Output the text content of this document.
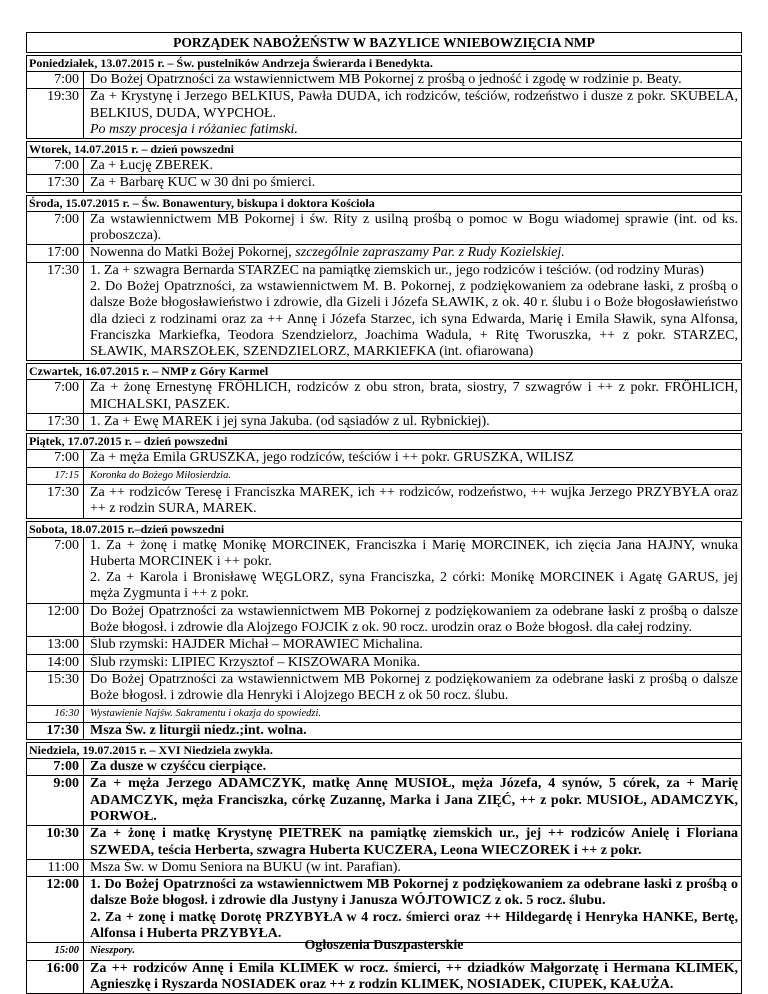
PORZĄDEK NABOŻEŃSTW W BAZYLICE WNIEBOWZIĘCIA NMP
Poniedziałek, 13.07.2015 r. – Św. pustelników Andrzeja Świerarda i Benedykta.
7:00 Do Bożej Opatrzności za wstawiennictwem MB Pokornej z prośbą o jedność i zgodę w rodzinie p. Beaty.

19:30 Za + Krystynę i Jerzego BELKIUS, Pawła DUDA, ich rodziców, teściów, rodzeństwo i dusze z pokr. SKUBELA, BELKIUS, DUDA, WYPCHOŁ.

Po mszy procesja i różaniec fatimski.

Wtorek, 14.07.2015 r. – dzień powszedni
7:00 Za + Łucję ZBEREK.

17:30 Za + Barbarę KUC w 30 dni po śmierci.

Środa, 15.07.2015 r. – Św. Bonawentury, biskupa i doktora Kościoła
7:00 Za wstawiennictwem MB Pokornej i św. Rity z usilną prośbą o pomoc w Bogu wiadomej sprawie (int. od ks. proboszcza).

17:00 Nowenna do Matki Bożej Pokornej, szczególnie zapraszamy Par. z Rudy Kozielskiej.

17:30 1. Za + szwagra Bernarda STARZEC na pamiątkę ziemskich ur., jego rodziców i teściów. (od rodziny Muras)

2. Do Bożej Opatrzności, za wstawiennictwem M. B. Pokornej, z podziękowaniem za odebrane łaski, z prośbą o dalsze Boże błogosławieństwo i zdrowie, dla Gizeli i Józefa SŁAWIK, z ok. 40 r. ślubu i o Boże błogosławieństwo dla dzieci z rodzinami oraz za ++ Annę i Józefa Starzec, ich syna Edwarda, Marię i Emila Sławik, syna Alfonsa, Franciszka Markiefka, Teodora Szendzielorz, Joachima Wadula, + Ritę Tworuszka, ++ z pokr. STARZEC, SŁAWIK, MARSZOŁEK, SZENDZIELORZ, MARKIEFKA (int. ofiarowana)

Czwartek, 16.07.2015 r. – NMP z Góry Karmel
7:00 Za + żonę Ernestynę FRÖHLICH, rodziców z obu stron, brata, siostry, 7 szwagrów i ++ z pokr. FRÖHLICH, MICHALSKI, PASZEK.

17:30 1. Za + Ewę MAREK i jej syna Jakuba. (od sąsiadów z ul. Rybnickiej).

Piątek, 17.07.2015 r. – dzień powszedni
7:00 Za + męża Emila GRUSZKA, jego rodziców, teściów i ++ pokr. GRUSZKA, WILISZ

17:15	Koronka do Bożego Miłosierdzia.

17:30 Za ++ rodziców Teresę i Franciszka MAREK, ich ++ rodziców, rodzeństwo, ++ wujka Jerzego PRZYBYŁA oraz ++ z rodzin SURA, MAREK.

Sobota, 18.07.2015 r.–dzień powszedni
7:00 1. Za + żonę i matkę Monikę MORCINEK, Franciszka i Marię MORCINEK, ich zięcia Jana HAJNY, wnuka Huberta MORCINEK i ++ pokr.

2. Za + Karola i Bronisławę WĘGLORZ, syna Franciszka, 2 córki: Monikę MORCINEK i Agatę GARUS, jej męża Zygmunta i ++ z pokr.

12:00 Do Bożej Opatrzności za wstawiennictwem MB Pokornej z podziękowaniem za odebrane łaski z prośbą o dalsze Boże błogosł. i zdrowie dla Alojzego FOJCIK z ok. 90 rocz. urodzin oraz o Boże błogosł. dla całej rodziny.

13:00 Ślub rzymski: HAJDER Michał – MORAWIEC Michalina.

14:00 Ślub rzymski: LIPIEC Krzysztof – KISZOWARA Monika.

15:30 Do Bożej Opatrzności za wstawiennictwem MB Pokornej z podziękowaniem za odebrane łaski z prośbą o dalsze Boże błogosł. i zdrowie dla Henryki i Alojzego BECH z ok 50 rocz. ślubu.

16:30	Wystawienie Najśw. Sakramentu i okazja do spowiedzi.

17:30 Msza Św. z liturgii niedz.;int. wolna.

Niedziela, 19.07.2015 r. – XVI Niedziela zwykła.
7:00 Za dusze w czyśćcu cierpiące.

9:00 Za + męża Jerzego ADAMCZYK, matkę Annę MUSIOŁ, męża Józefa, 4 synów, 5 córek, za + Marię ADAMCZYK, męża Franciszka, córkę Zuzannę, Marka i Jana ZIĘĆ, ++ z pokr. MUSIOŁ, ADAMCZYK, PORWOŁ.

10:30 Za + żonę i matkę Krystynę PIETREK na pamiątkę ziemskich ur., jej ++ rodziców Anielę i Floriana SZWEDA, teścia Herberta, szwagra Huberta KUCZERA, Leona WIECZOREK i ++ z pokr.

11:00 Msza Św. w Domu Seniora na BUKU (w int. Parafian).

12:00 1. Do Bożej Opatrzności za wstawiennictwem MB Pokornej z podziękowaniem za odebrane łaski z prośbą o dalsze Boże błogosł. i zdrowie dla Justyny i Janusza WÓJTOWICZ z ok. 5 rocz. ślubu.

2. Za + zonę i matkę Dorotę PRZYBYŁA w 4 rocz. śmierci oraz ++ Hildegardę i Henryka HANKE, Bertę, Alfonsa i Huberta PRZYBYŁA.

15:00	Nieszpory.

16:00 Za ++ rodziców Annę i Emila KLIMEK w rocz. śmierci, ++ dziadków Małgorzatę i Hermana KLIMEK, Agnieszkę i Ryszarda NOSIADEK oraz ++ z rodzin KLIMEK, NOSIADEK, CIUPEK, KAŁUŻA.

Ogłoszenia Duszpasterskie
